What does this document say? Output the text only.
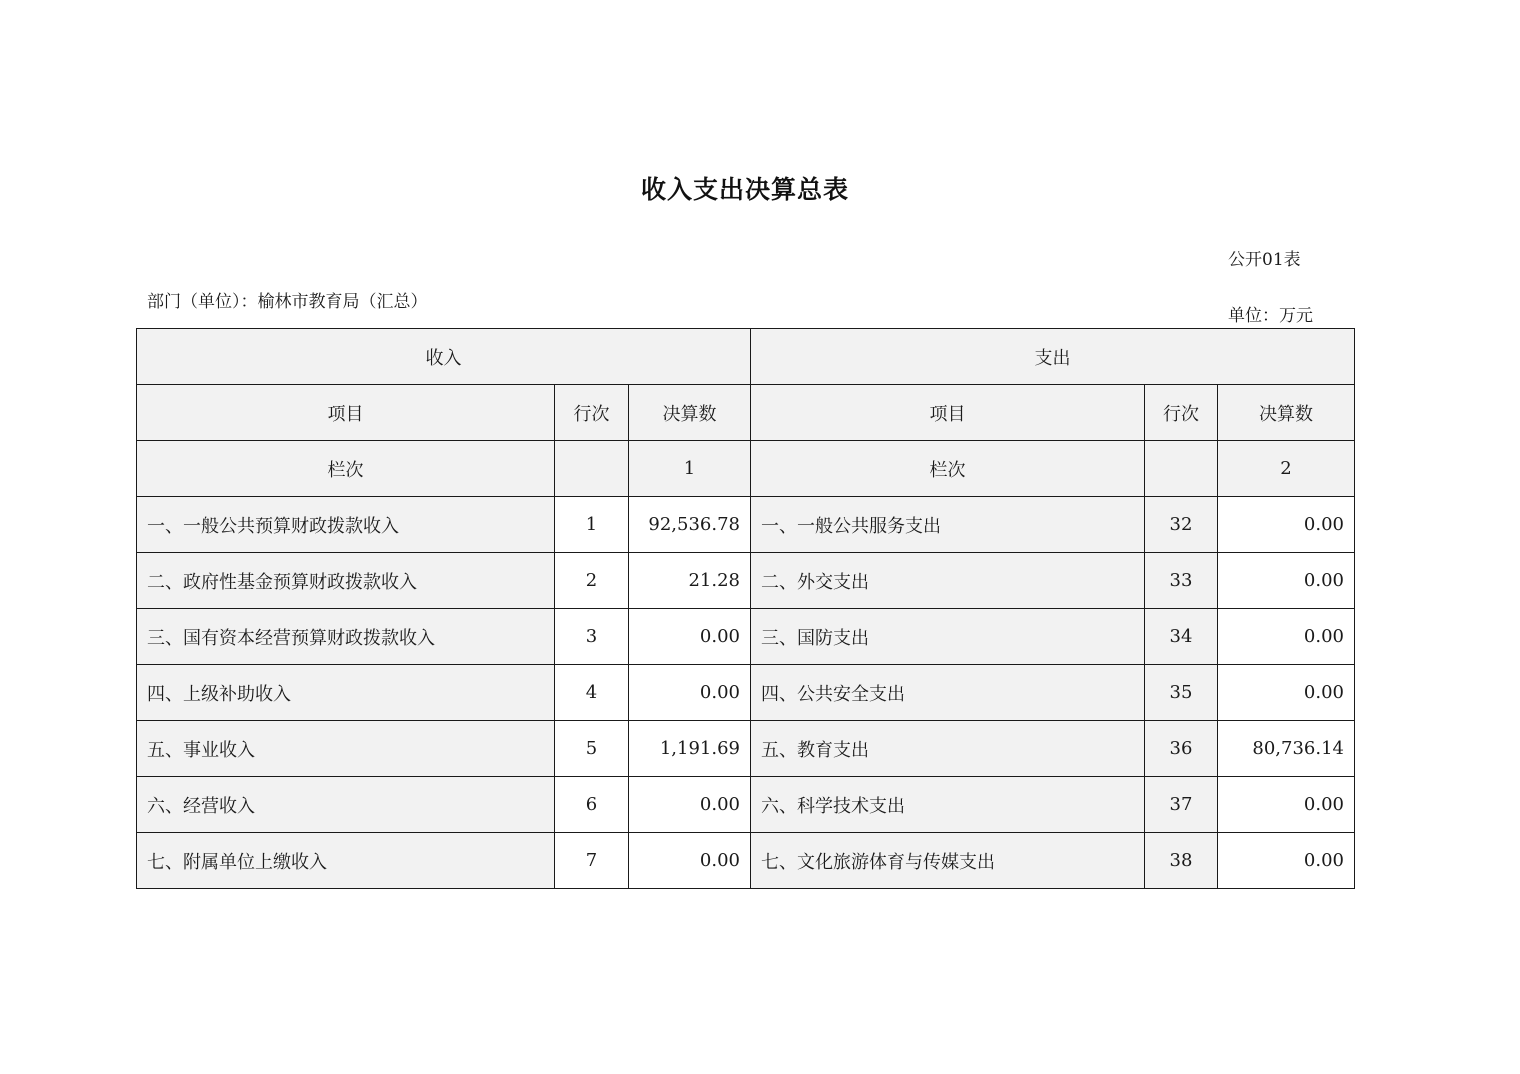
收入支出决算总表
公开01表
部门（单位）：榆林市教育局（汇总）
单位：万元
收入			支出		
项目	行次	决算数	项目	行次	决算数
栏次		1	栏次		2
一、一般公共预算财政拨款收入	1	92,536.78	一、一般公共服务支出	32	0.00
二、政府性基金预算财政拨款收入	2	21.28	二、外交支出	33	0.00
三、国有资本经营预算财政拨款收入	3	0.00	三、国防支出	34	0.00
四、上级补助收入	4	0.00	四、公共安全支出	35	0.00
五、事业收入	5	1,191.69	五、教育支出	36	80,736.14
六、经营收入	6	0.00	六、科学技术支出	37	0.00
七、附属单位上缴收入	7	0.00	七、文化旅游体育与传媒支出	38	0.00
